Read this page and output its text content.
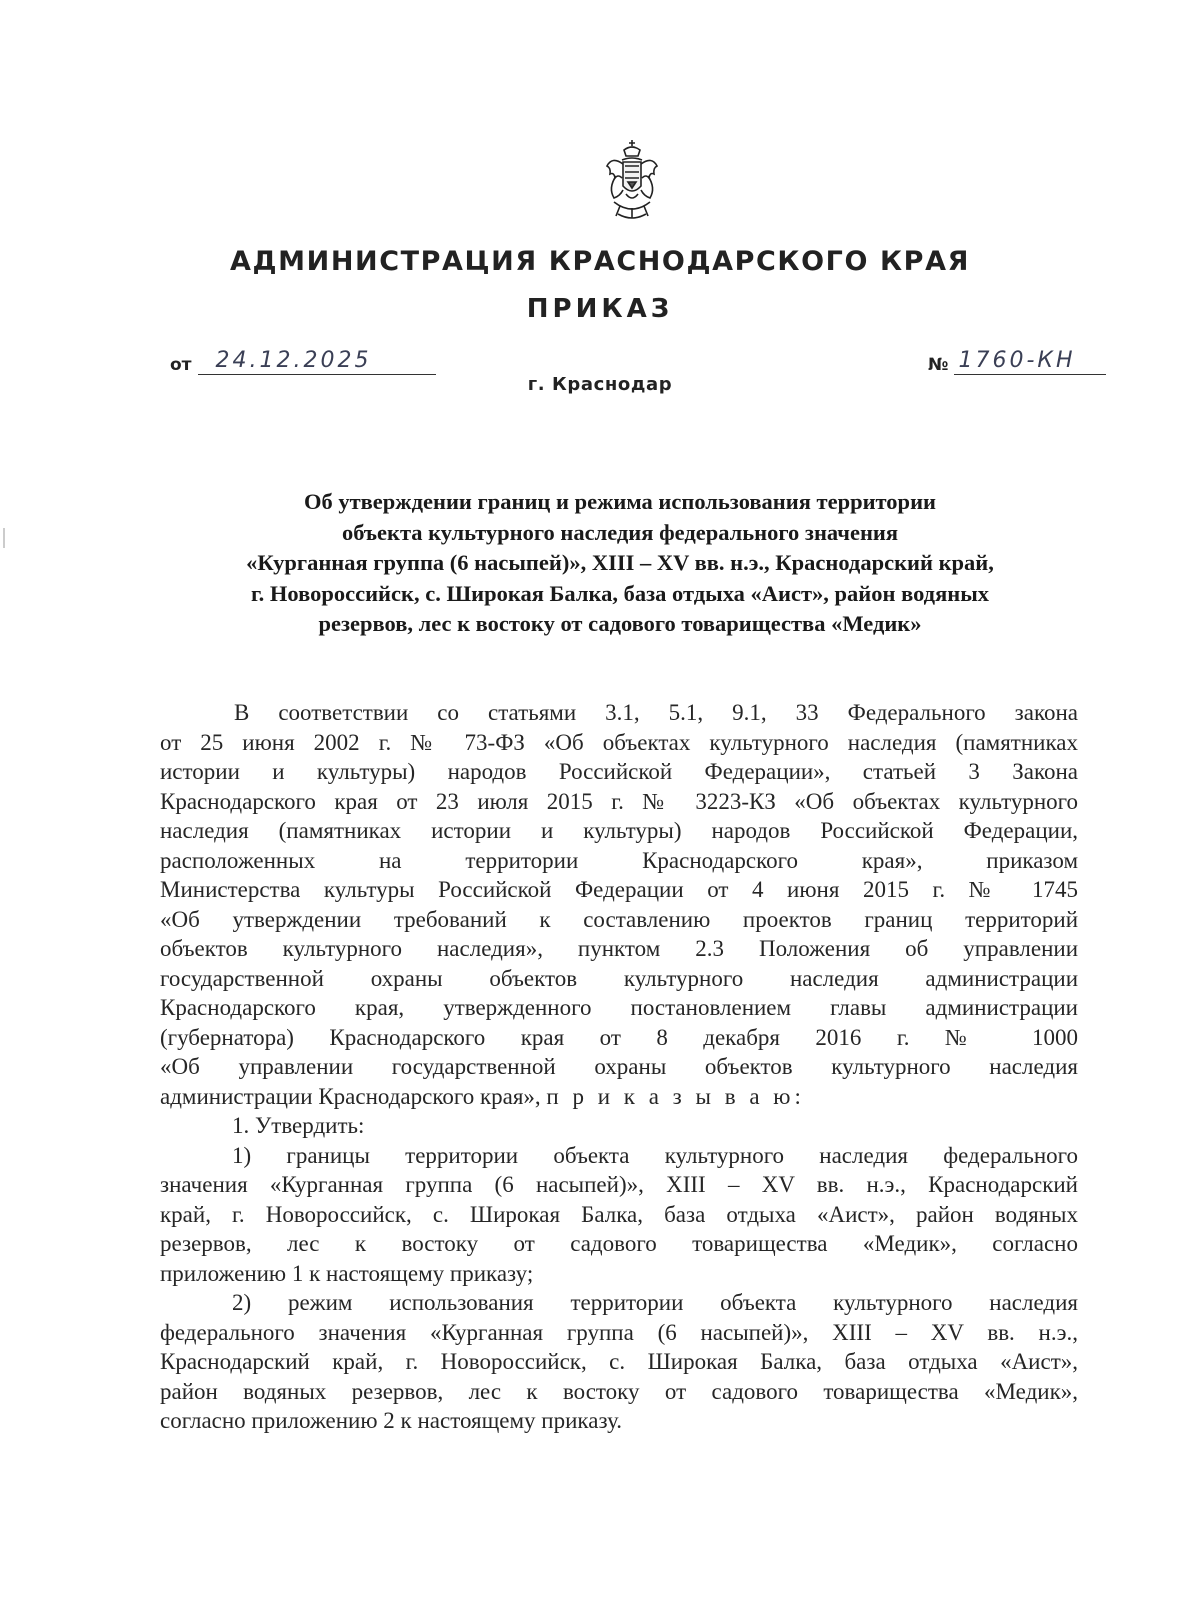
АДМИНИСТРАЦИЯ КРАСНОДАРСКОГО КРАЯ
ПРИКАЗ
от 24.12.2025	№ 1760-КН
г. Краснодар
Об утверждении границ и режима использования территории
объекта культурного наследия федерального значения
«Курганная группа (6 насыпей)», XIII – XV вв. н.э., Краснодарский край,
г. Новороссийск, с. Широкая Балка, база отдыха «Аист», район водяных
резервов, лес к востоку от садового товарищества «Медик»
В соответствии со статьями 3.1, 5.1, 9.1, 33 Федерального закона
от 25 июня 2002 г. № 73-ФЗ «Об объектах культурного наследия (памятниках
истории и культуры) народов Российской Федерации», статьей 3 Закона
Краснодарского края от 23 июля 2015 г. № 3223-КЗ «Об объектах культурного
наследия (памятниках истории и культуры) народов Российской Федерации,
расположенных на территории Краснодарского края», приказом
Министерства культуры Российской Федерации от 4 июня 2015 г. № 1745
«Об утверждении требований к составлению проектов границ территорий
объектов культурного наследия», пунктом 2.3 Положения об управлении
государственной охраны объектов культурного наследия администрации
Краснодарского края, утвержденного постановлением главы администрации
(губернатора) Краснодарского края от 8 декабря 2016 г. № 1000
«Об управлении государственной охраны объектов культурного наследия
администрации Краснодарского края», п р и к а з ы в а ю:
1. Утвердить:
1) границы территории объекта культурного наследия федерального
значения «Курганная группа (6 насыпей)», XIII – XV вв. н.э., Краснодарский
край, г. Новороссийск, с. Широкая Балка, база отдыха «Аист», район водяных
резервов, лес к востоку от садового товарищества «Медик», согласно
приложению 1 к настоящему приказу;
2) режим использования территории объекта культурного наследия
федерального значения «Курганная группа (6 насыпей)», XIII – XV вв. н.э.,
Краснодарский край, г. Новороссийск, с. Широкая Балка, база отдыха «Аист»,
район водяных резервов, лес к востоку от садового товарищества «Медик»,
согласно приложению 2 к настоящему приказу.
